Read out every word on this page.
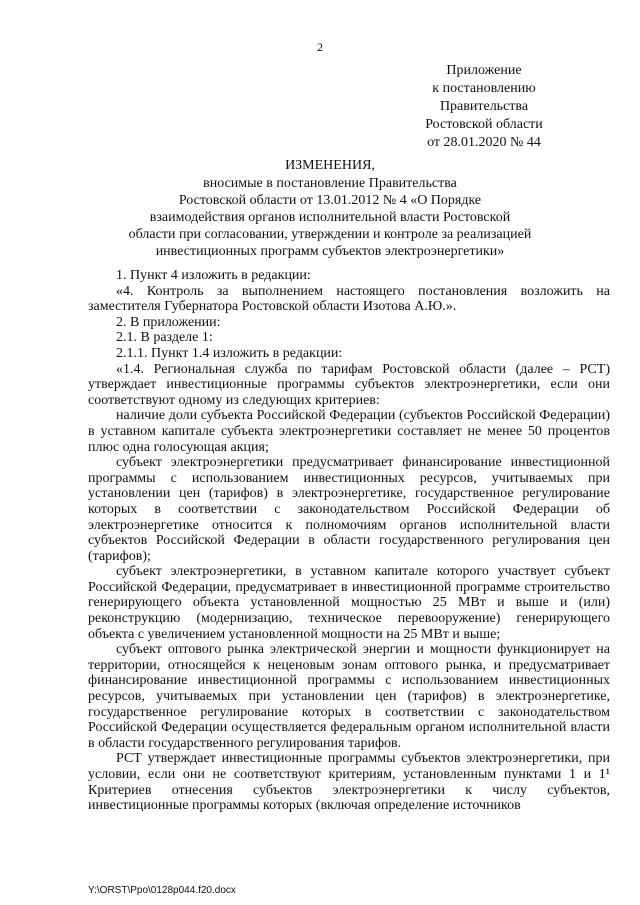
2
Приложение
к постановлению
Правительства
Ростовской области
от 28.01.2020 № 44
ИЗМЕНЕНИЯ,
вносимые в постановление Правительства
Ростовской области от 13.01.2012 № 4 «О Порядке
взаимодействия органов исполнительной власти Ростовской
области при согласовании, утверждении и контроле за реализацией
инвестиционных программ субъектов электроэнергетики»

1. Пункт 4 изложить в редакции:

«4. Контроль за выполнением настоящего постановления возложить на заместителя Губернатора Ростовской области Изотова А.Ю.».

2. В приложении:

2.1. В разделе 1:

2.1.1. Пункт 1.4 изложить в редакции:

«1.4. Региональная служба по тарифам Ростовской области (далее – РСТ) утверждает инвестиционные программы субъектов электроэнергетики, если они соответствуют одному из следующих критериев:

наличие доли субъекта Российской Федерации (субъектов Российской Федерации) в уставном капитале субъекта электроэнергетики составляет не менее 50 процентов плюс одна голосующая акция;

субъект электроэнергетики предусматривает финансирование инвестиционной программы с использованием инвестиционных ресурсов, учитываемых при установлении цен (тарифов) в электроэнергетике, государственное регулирование которых в соответствии с законодательством Российской Федерации об электроэнергетике относится к полномочиям органов исполнительной власти субъектов Российской Федерации в области государственного регулирования цен (тарифов);

субъект электроэнергетики, в уставном капитале которого участвует субъект Российской Федерации, предусматривает в инвестиционной программе строительство генерирующего объекта установленной мощностью 25 МВт и выше и (или) реконструкцию (модернизацию, техническое перевооружение) генерирующего объекта с увеличением установленной мощности на 25 МВт и выше;

субъект оптового рынка электрической энергии и мощности функционирует на территории, относящейся к неценовым зонам оптового рынка, и предусматривает финансирование инвестиционной программы с использованием инвестиционных ресурсов, учитываемых при установлении цен (тарифов) в электроэнергетике, государственное регулирование которых в соответствии с законодательством Российской Федерации осуществляется федеральным органом исполнительной власти в области государственного регулирования тарифов.

РСТ утверждает инвестиционные программы субъектов электроэнергетики, при условии, если они не соответствуют критериям, установленным пунктами 1 и 1¹ Критериев отнесения субъектов электроэнергетики к числу субъектов, инвестиционные программы которых (включая определение источников

Y:\ORST\Ppo\0128p044.f20.docx
